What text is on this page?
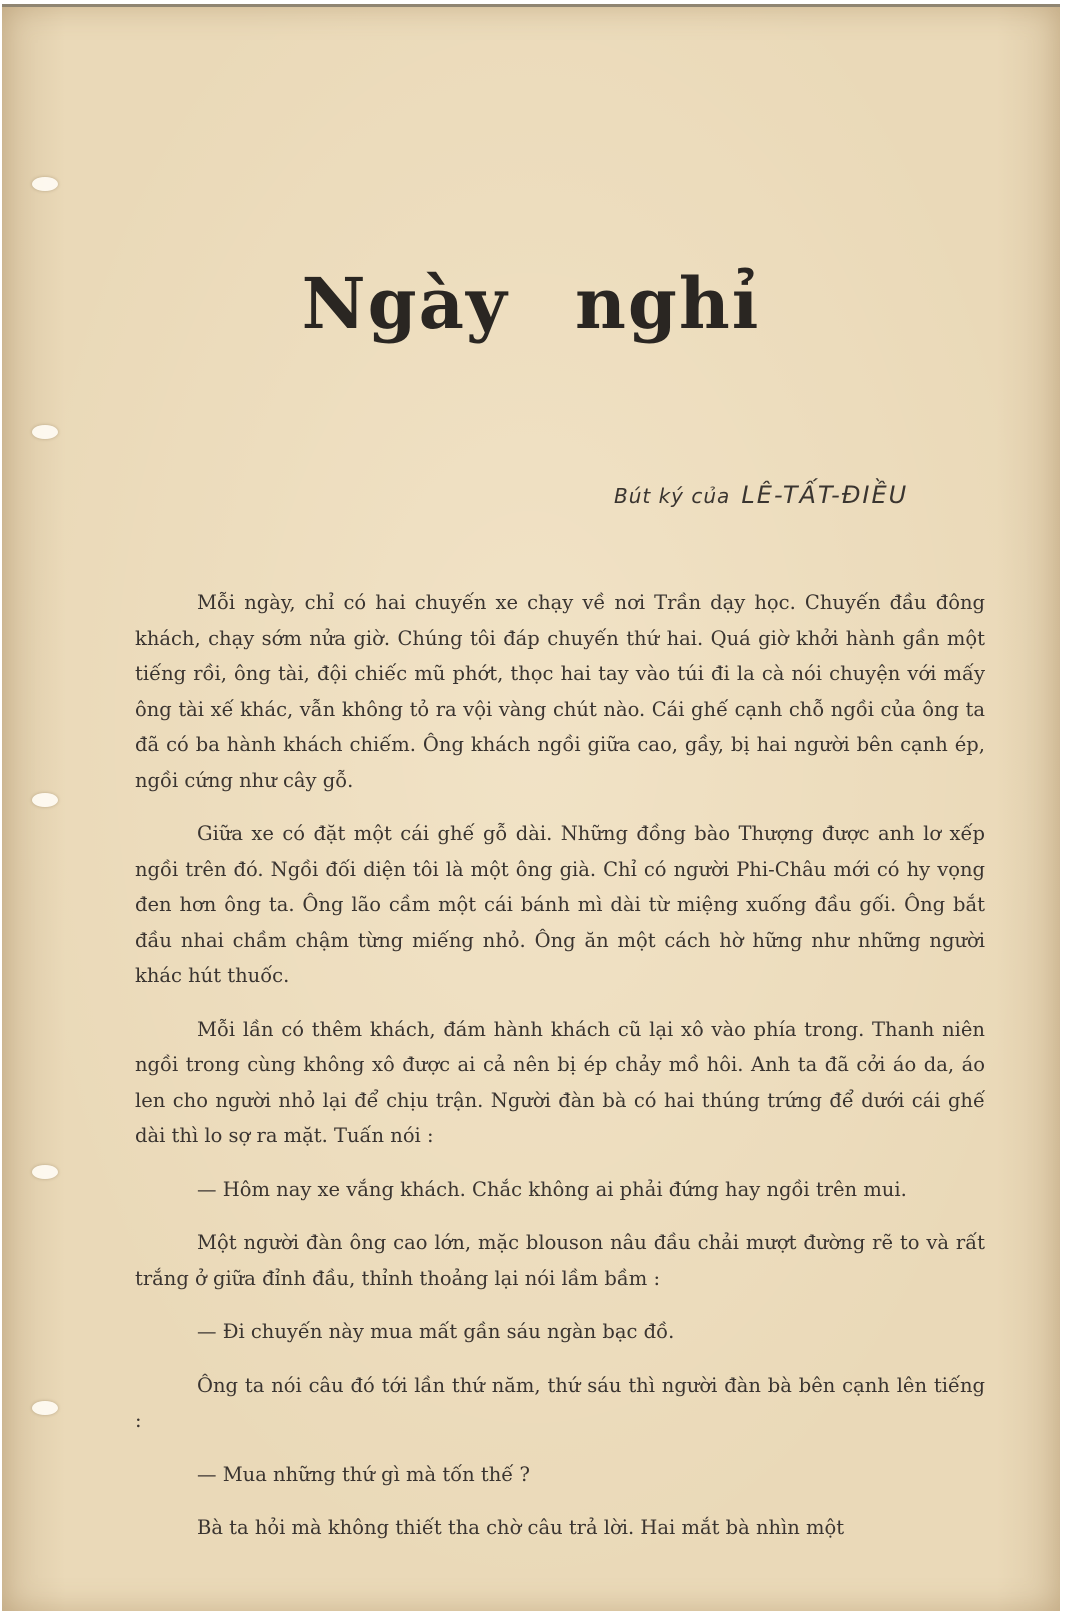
Ngày nghỉ
Bút ký của LÊ-TẤT-ĐIỀU

Mỗi ngày, chỉ có hai chuyến xe chạy về nơi Trần dạy học. Chuyến đầu đông khách, chạy sớm nửa giờ. Chúng tôi đáp chuyến thứ hai. Quá giờ khởi hành gần một tiếng rồi, ông tài, đội chiếc mũ phớt, thọc hai tay vào túi đi la cà nói chuyện với mấy ông tài xế khác, vẫn không tỏ ra vội vàng chút nào. Cái ghế cạnh chỗ ngồi của ông ta đã có ba hành khách chiếm. Ông khách ngồi giữa cao, gầy, bị hai người bên cạnh ép, ngồi cứng như cây gỗ.

Giữa xe có đặt một cái ghế gỗ dài. Những đồng bào Thượng được anh lơ xếp ngồi trên đó. Ngồi đối diện tôi là một ông già. Chỉ có người Phi-Châu mới có hy vọng đen hơn ông ta. Ông lão cầm một cái bánh mì dài từ miệng xuống đầu gối. Ông bắt đầu nhai chầm chậm từng miếng nhỏ. Ông ăn một cách hờ hững như những người khác hút thuốc.

Mỗi lần có thêm khách, đám hành khách cũ lại xô vào phía trong. Thanh niên ngồi trong cùng không xô được ai cả nên bị ép chảy mồ hôi. Anh ta đã cởi áo da, áo len cho người nhỏ lại để chịu trận. Người đàn bà có hai thúng trứng để dưới cái ghế dài thì lo sợ ra mặt. Tuấn nói :

— Hôm nay xe vắng khách. Chắc không ai phải đứng hay ngồi trên mui.

Một người đàn ông cao lớn, mặc blouson nâu đầu chải mượt đường rẽ to và rất trắng ở giữa đỉnh đầu, thỉnh thoảng lại nói lầm bầm :

— Đi chuyến này mua mất gần sáu ngàn bạc đồ.

Ông ta nói câu đó tới lần thứ năm, thứ sáu thì người đàn bà bên cạnh lên tiếng :

— Mua những thứ gì mà tốn thế ?

Bà ta hỏi mà không thiết tha chờ câu trả lời. Hai mắt bà nhìn một
